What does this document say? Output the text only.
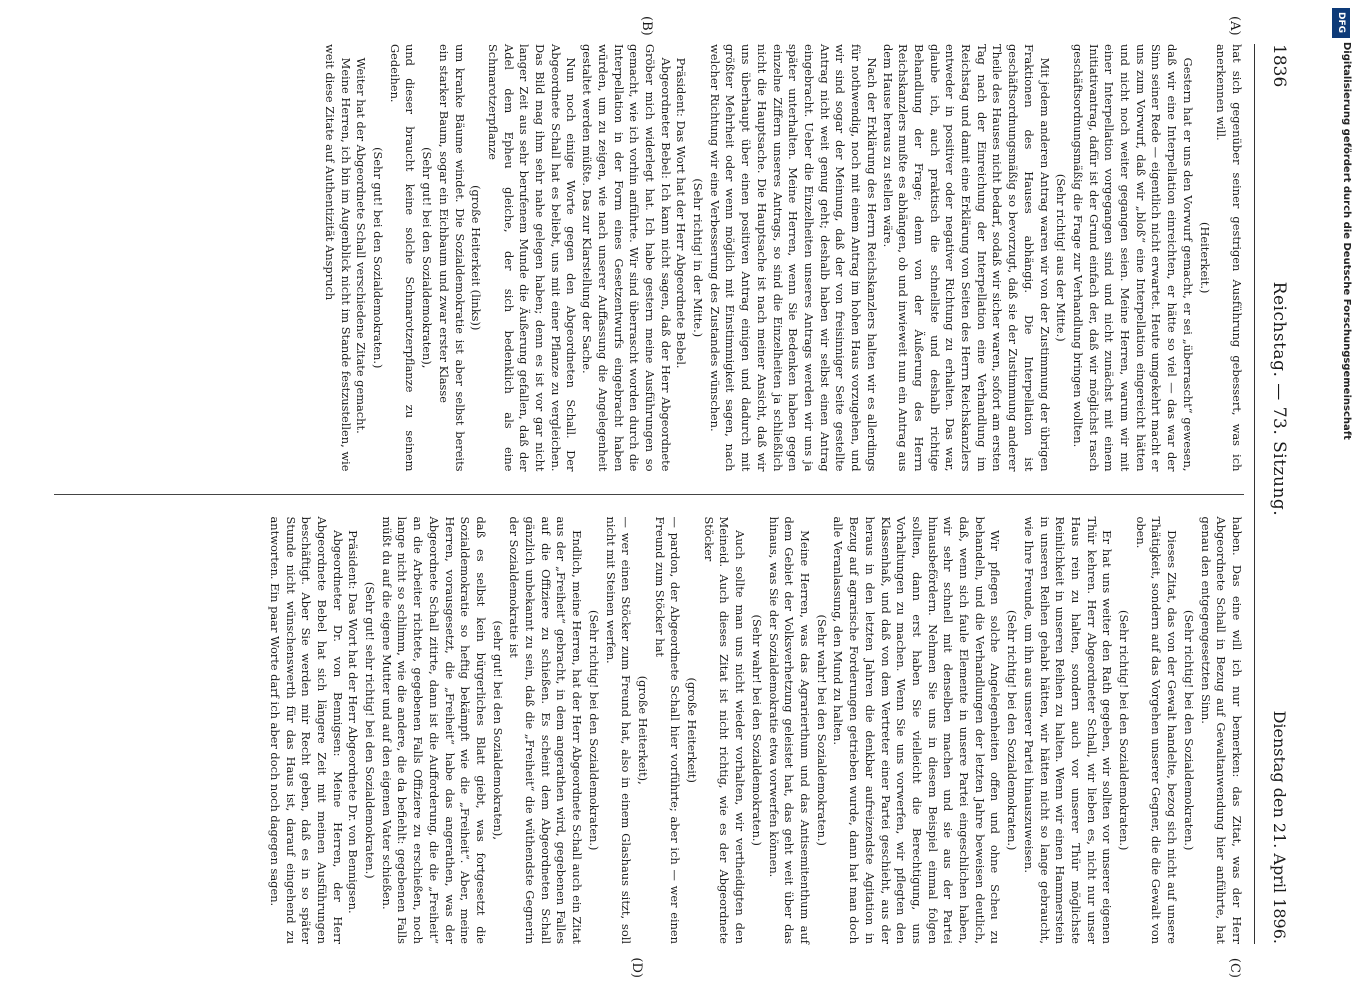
1836
Reichstag. — 73. Sitzung.
Dienstag den 21. April 1896.
(A)
(B)

hat sich gegenüber seiner gestrigen Ausführung gebessert, was ich anerkennen will.

(Heiterkeit.)

Gestern hat er uns den Vorwurf gemacht, er sei „überrascht“ gewesen, daß wir eine Interpellation einreichten, er hätte so viel — das war der Sinn seiner Rede — eigentlich nicht erwartet. Heute umgekehrt macht er uns zum Vorwurf, daß wir „bloß“ eine Interpellation eingereicht hätten und nicht noch weiter gegangen seien. Meine Herren, warum wir mit einer Interpellation vorgegangen sind und nicht zunächst mit einem Initiativantrag, dafür ist der Grund einfach der, daß wir möglichst rasch geschäftsordnungsmäßig die Frage zur Verhandlung bringen wollten.

(Sehr richtig! aus der Mitte.)

Mit jedem anderen Antrag waren wir von der Zustimmung der übrigen Fraktionen des Hauses abhängig. Die Interpellation ist geschäftsordnungsmäßig so bevorzugt, daß sie der Zustimmung anderer Theile des Hauses nicht bedarf, sodaß wir sicher waren, sofort am ersten Tag nach der Einreichung der Interpellation eine Verhandlung im Reichstag und damit eine Erklärung von Seiten des Herrn Reichskanzlers entweder in positiver oder negativer Richtung zu erhalten. Das war, glaube ich, auch praktisch die schnellste und deshalb richtige Behandlung der Frage; denn von der Äußerung des Herrn Reichskanzlers mußte es abhängen, ob und inwieweit nun ein Antrag aus dem Hause heraus zu stellen wäre.

Nach der Erklärung des Herrn Reichskanzlers halten wir es allerdings für nothwendig, noch mit einem Antrag im hohen Haus vorzugehen, und wir sind sogar der Meinung, daß der von freisinniger Seite gestellte Antrag nicht weit genug geht; deshalb haben wir selbst einen Antrag eingebracht. Ueber die Einzelheiten unseres Antrags werden wir uns ja später unterhalten. Meine Herren, wenn Sie Bedenken haben gegen einzelne Ziffern unseres Antrags, so sind die Einzelheiten ja schließlich nicht die Hauptsache. Die Hauptsache ist nach meiner Ansicht, daß wir uns überhaupt über einen positiven Antrag einigen und dadurch mit größter Mehrheit oder wenn möglich mit Einstimmigkeit sagen, nach welcher Richtung wir eine Verbesserung des Zustandes wünschen.

(Sehr richtig! in der Mitte.)

Präsident: Das Wort hat der Herr Abgeordnete Bebel.

Abgeordneter Bebel: Ich kann nicht sagen, daß der Herr Abgeordnete Gröber mich widerlegt hat. Ich habe gestern meine Ausführungen so gemacht, wie ich vorhin anführte. Wir sind überrascht worden durch die Interpellation in der Form eines Gesetzentwurfs eingebracht haben würden, um zu zeigen, wie nach unserer Auffassung die Angelegenheit gestaltet werden müßte. Das zur Klarstellung der Sache.

Nun noch einige Worte gegen den Abgeordneten Schall. Der Abgeordnete Schall hat es beliebt, uns mit einer Pflanze zu vergleichen. Das Bild mag ihm sehr nahe gelegen haben; denn es ist vor gar nicht langer Zeit aus sehr berufenem Munde die Äußerung gefallen, daß der Adel dem Epheu gleiche, der sich bedenklich als eine Schmarotzerpflanze

(große Heiterkeit (links))

um kranke Bäume windet. Die Sozialdemokratie ist aber selbst bereits ein starker Baum, sogar ein Eichbaum und zwar erster Klasse

(Sehr gut! bei den Sozialdemokraten),

und dieser braucht keine solche Schmarotzerpflanze zu seinem Gedeihen.

(Sehr gut! bei den Sozialdemokraten.)

Weiter hat der Abgeordnete Schall verschiedene Zitate gemacht.

Meine Herren, ich bin im Augenblick nicht im Stande festzustellen, wie weit diese Zitate auf Authentizität Anspruch

(C)
(D)

haben. Das eine will ich nur bemerken: das Zitat, was der Herr Abgeordnete Schall in Bezug auf Gewaltanwendung hier anführte, hat genau den entgegengesetzten Sinn.

(Sehr richtig! bei den Sozialdemokraten.)

Dieses Zitat, das von der Gewalt handelte, bezog sich nicht auf unsere Thätigkeit, sondern auf das Vorgehen unserer Gegner, die die Gewalt von oben.

(Sehr richtig! bei den Sozialdemokraten.)

Er hat uns weiter den Rath gegeben, wir sollten vor unserer eigenen Thür kehren. Herr Abgeordneter Schall, wir lieben es, nicht nur unser Haus rein zu halten, sondern auch vor unserer Thür möglichste Reinlichkeit in unseren Reihen zu halten. Wenn wir einen Hammerstein in unseren Reihen gehabt hätten, wir hätten nicht so lange gebraucht, wie Ihre Freunde, um ihn aus unserer Partei hinauszuweisen.

(Sehr richtig! bei den Sozialdemokraten.)

Wir pflegen solche Angelegenheiten offen und ohne Scheu zu behandeln, und die Verhandlungen der letzten Jahre beweisen deutlich, daß, wenn sich faule Elemente in unsere Partei eingeschlichen haben, wir sehr schnell mit denselben machen und sie aus der Partei hinausbefördern. Nehmen Sie uns in diesem Beispiel einmal folgen sollten, dann erst haben Sie vielleicht die Berechtigung, uns Vorhaltungen zu machen. Wenn Sie uns vorwerfen, wir pflegten den Klassenhaß, und daß von dem Vertreter einer Partei geschieht, aus der heraus in den letzten Jahren die denkbar aufreizendste Agitation in Bezug auf agrarische Forderungen getrieben wurde, dann hat man doch alle Veranlassung, den Mund zu halten.

(Sehr wahr! bei den Sozialdemokraten.)

Meine Herren, was das Agrarierthum und das Antisemitenthum auf dem Gebiet der Volksverhetzung geleistet hat, das geht weit über das hinaus, was Sie der Sozialdemokratie etwa vorwerfen können.

(Sehr wahr! bei den Sozialdemokraten.)

Auch sollte man uns nicht wieder vorhalten, wir vertheidigten den Meineid. Auch dieses Zitat ist nicht richtig, wie es der Abgeordnete Stöcker

(große Heiterkeit)

— pardon, der Abgeordnete Schall hier vorführte; aber ich — wer einen Freund zum Stöcker hat

(große Heiterkeit),

— wer einen Stöcker zum Freund hat, also in einem Glashaus sitzt, soll nicht mit Steinen werfen.

(Sehr richtig! bei den Sozialdemokraten.)

Endlich, meine Herren, hat der Herr Abgeordnete Schall auch ein Zitat aus der „Freiheit“ gebracht, in dem angerathen wird, gegebenen Falles auf die Offiziere zu schießen. Es scheint dem Abgeordneten Schall gänzlich unbekannt zu sein, daß die „Freiheit“ die wüthendste Gegnerin der Sozialdemokratie ist

(sehr gut! bei den Sozialdemokraten),

daß es selbst kein bürgerliches Blatt giebt, was fortgesetzt die Sozialdemokratie so heftig bekämpft wie die „Freiheit“. Aber, meine Herren, vorausgesetzt, die „Freiheit“ habe das angerathen, was der Abgeordnete Schall zitirte, dann ist die Aufforderung, die die „Freiheit“ an die Arbeiter richtete, gegebenen Falls Offiziere zu erschießen, noch lange nicht so schlimm, wie die andere, die da befiehlt: gegebenen Falls müßt du auf die eigene Mutter und auf den eigenen Vater schießen.

(Sehr gut! sehr richtig! bei den Sozialdemokraten.)

Präsident: Das Wort hat der Herr Abgeordnete Dr. von Bennigsen.

Abgeordneter Dr. von Bennigsen: Meine Herren, der Herr Abgeordnete Bebel hat sich längere Zeit mit meinen Ausführungen beschäftigt. Aber Sie werden mir Recht geben, daß es in so später Stunde nicht wünschenswerth für das Haus ist, darauf eingehend zu antworten. Ein paar Worte darf ich aber doch noch dagegen sagen.

DFG
Digitalisierung gefördert durch die Deutsche Forschungsgemeinschaft
